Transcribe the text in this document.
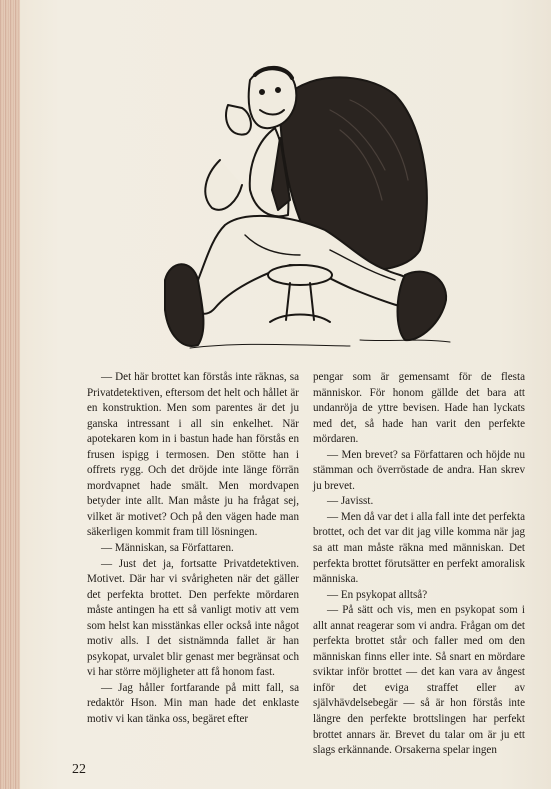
— Det här brottet kan förstås inte räknas, sa Privatdetektiven, eftersom det helt och hållet är en konstruktion. Men som parentes är det ju ganska intressant i all sin enkelhet. När apotekaren kom in i bastun hade han förstås en frusen ispigg i termosen. Den stötte han i offrets rygg. Och det dröjde inte länge förrän mordvapnet hade smält. Men mordvapen betyder inte allt. Man måste ju ha frågat sej, vilket är motivet? Och på den vägen hade man säkerligen kommit fram till lösningen.

— Människan, sa Författaren.

— Just det ja, fortsatte Privatdetektiven. Motivet. Där har vi svårigheten när det gäller det perfekta brottet. Den perfekte mördaren måste antingen ha ett så vanligt motiv att vem som helst kan misstänkas eller också inte något motiv alls. I det sistnämnda fallet är han psykopat, urvalet blir genast mer begränsat och vi har större möjligheter att få honom fast.

— Jag håller fortfarande på mitt fall, sa redaktör Hson. Min man hade det enklaste motiv vi kan tänka oss, begäret efter

pengar som är gemensamt för de flesta människor. För honom gällde det bara att undanröja de yttre bevisen. Hade han lyckats med det, så hade han varit den perfekte mördaren.

— Men brevet? sa Författaren och höjde nu stämman och överröstade de andra. Han skrev ju brevet.

— Javisst.

— Men då var det i alla fall inte det perfekta brottet, och det var dit jag ville komma när jag sa att man måste räkna med människan. Det perfekta brottet förutsätter en perfekt amoralisk människa.

— En psykopat alltså?

— På sätt och vis, men en psykopat som i allt annat reagerar som vi andra. Frågan om det perfekta brottet står och faller med om den människan finns eller inte. Så snart en mördare sviktar inför brottet — det kan vara av ångest inför det eviga straffet eller av självhävdelsebegär — så är hon förstås inte längre den perfekte brottslingen har perfekt brottet annars är. Brevet du talar om är ju ett slags erkännande. Orsakerna spelar ingen

22
